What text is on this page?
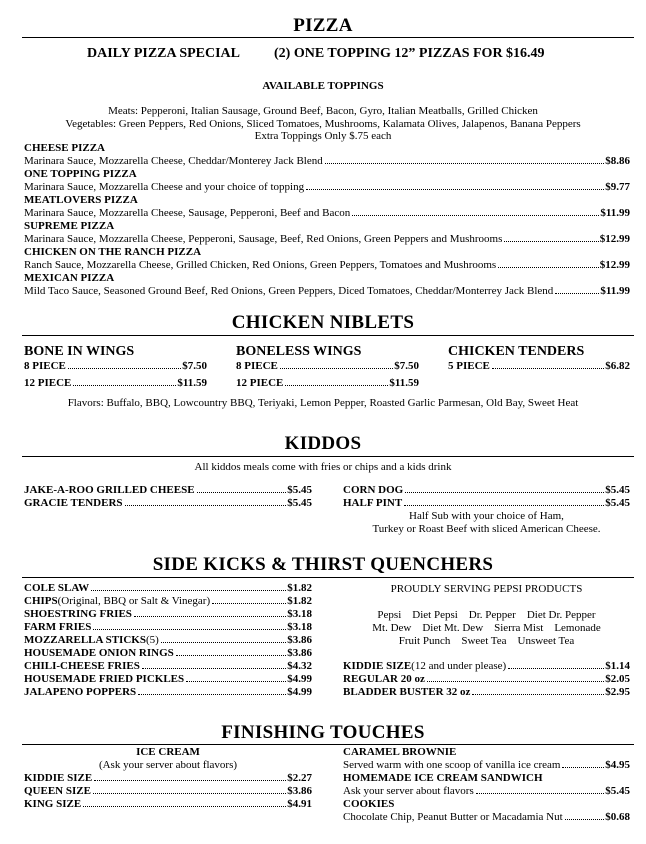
PIZZA
DAILY PIZZA SPECIAL (2) ONE TOPPING 12” PIZZAS FOR $16.49
AVAILABLE TOPPINGS
Meats: Pepperoni, Italian Sausage, Ground Beef, Bacon, Gyro, Italian Meatballs, Grilled Chicken
Vegetables: Green Peppers, Red Onions, Sliced Tomatoes, Mushrooms, Kalamata Olives, Jalapenos, Banana Peppers
Extra Toppings Only $.75 each
CHEESE PIZZA
Marinara Sauce, Mozzarella Cheese, Cheddar/Monterey Jack Blend	$8.86
ONE TOPPING PIZZA
Marinara Sauce, Mozzarella Cheese and your choice of topping	$9.77
MEATLOVERS PIZZA
Marinara Sauce, Mozzarella Cheese, Sausage, Pepperoni, Beef and Bacon	$11.99
SUPREME PIZZA
Marinara Sauce, Mozzarella Cheese, Pepperoni, Sausage, Beef, Red Onions, Green Peppers and Mushrooms	$12.99
CHICKEN ON THE RANCH PIZZA
Ranch Sauce, Mozzarella Cheese, Grilled Chicken, Red Onions, Green Peppers, Tomatoes and Mushrooms	$12.99
MEXICAN PIZZA
Mild Taco Sauce, Seasoned Ground Beef, Red Onions, Green Peppers, Diced Tomatoes, Cheddar/Monterrey Jack Blend	$11.99
CHICKEN NIBLETS
BONE IN WINGS
8 PIECE	$7.50
12 PIECE	$11.59
BONELESS WINGS
8 PIECE	$7.50
12 PIECE	$11.59
CHICKEN TENDERS
5 PIECE	$6.82
Flavors: Buffalo, BBQ, Lowcountry BBQ, Teriyaki, Lemon Pepper, Roasted Garlic Parmesan, Old Bay, Sweet Heat
KIDDOS
All kiddos meals come with fries or chips and a kids drink
JAKE-A-ROO GRILLED CHEESE	$5.45
GRACIE TENDERS	$5.45
CORN DOG	$5.45
HALF PINT	$5.45
Half Sub with your choice of Ham,
Turkey or Roast Beef with sliced American Cheese.
SIDE KICKS & THIRST QUENCHERS
COLE SLAW	$1.82
CHIPS (Original, BBQ or Salt & Vinegar)	$1.82
SHOESTRING FRIES	$3.18
FARM FRIES	$3.18
MOZZARELLA STICKS (5)	$3.86
HOUSEMADE ONION RINGS	$3.86
CHILI-CHEESE FRIES	$4.32
HOUSEMADE FRIED PICKLES	$4.99
JALAPENO POPPERS	$4.99
PROUDLY SERVING PEPSI PRODUCTS
Pepsi    Diet Pepsi    Dr. Pepper    Diet Dr. Pepper
Mt. Dew    Diet Mt. Dew    Sierra Mist    Lemonade
Fruit Punch    Sweet Tea    Unsweet Tea
KIDDIE SIZE (12 and under please)	$1.14
REGULAR 20 oz	$2.05
BLADDER BUSTER 32 oz	$2.95
FINISHING TOUCHES
ICE CREAM
(Ask your server about flavors)
KIDDIE SIZE	$2.27
QUEEN SIZE	$3.86
KING SIZE	$4.91
CARAMEL BROWNIE
Served warm with one scoop of vanilla ice cream	$4.95
HOMEMADE ICE CREAM SANDWICH
Ask your server about flavors	$5.45
COOKIES
Chocolate Chip, Peanut Butter or Macadamia Nut	$0.68
